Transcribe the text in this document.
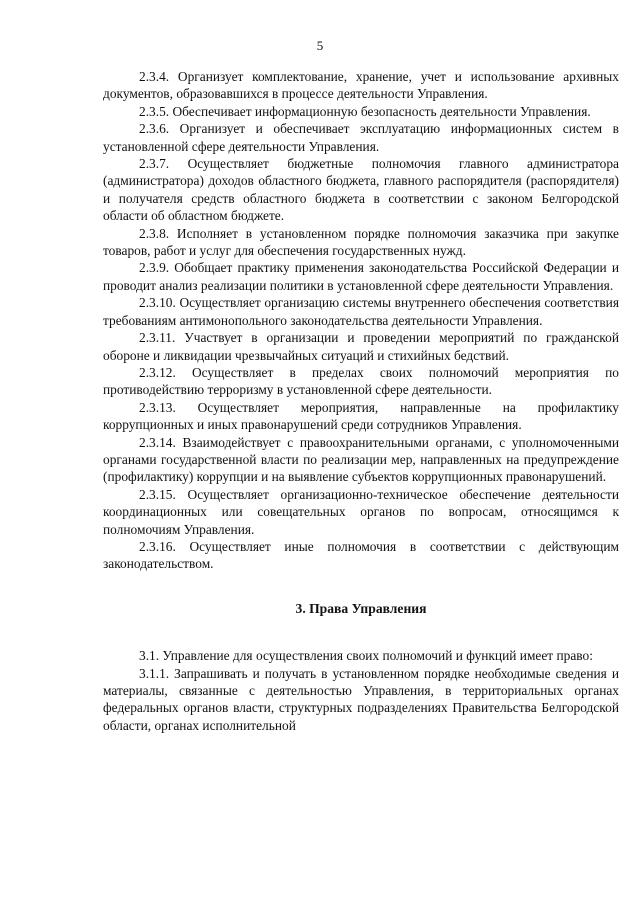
5

2.3.4. Организует комплектование, хранение, учет и использование архивных документов, образовавшихся в процессе деятельности Управления.

2.3.5. Обеспечивает информационную безопасность деятельности Управления.

2.3.6. Организует и обеспечивает эксплуатацию информационных систем в установленной сфере деятельности Управления.

2.3.7. Осуществляет бюджетные полномочия главного администратора (администратора) доходов областного бюджета, главного распорядителя (распорядителя) и получателя средств областного бюджета в соответствии с законом Белгородской области об областном бюджете.

2.3.8. Исполняет в установленном порядке полномочия заказчика при закупке товаров, работ и услуг для обеспечения государственных нужд.

2.3.9. Обобщает практику применения законодательства Российской Федерации и проводит анализ реализации политики в установленной сфере деятельности Управления.

2.3.10. Осуществляет организацию системы внутреннего обеспечения соответствия требованиям антимонопольного законодательства деятельности Управления.

2.3.11. Участвует в организации и проведении мероприятий по гражданской обороне и ликвидации чрезвычайных ситуаций и стихийных бедствий.

2.3.12. Осуществляет в пределах своих полномочий мероприятия по противодействию терроризму в установленной сфере деятельности.

2.3.13. Осуществляет мероприятия, направленные на профилактику коррупционных и иных правонарушений среди сотрудников Управления.

2.3.14. Взаимодействует с правоохранительными органами, с уполномоченными органами государственной власти по реализации мер, направленных на предупреждение (профилактику) коррупции и на выявление субъектов коррупционных правонарушений.

2.3.15. Осуществляет организационно-техническое обеспечение деятельности координационных или совещательных органов по вопросам, относящимся к полномочиям Управления.

2.3.16. Осуществляет иные полномочия в соответствии с действующим законодательством.

3. Права Управления

3.1. Управление для осуществления своих полномочий и функций имеет право:

3.1.1. Запрашивать и получать в установленном порядке необходимые сведения и материалы, связанные с деятельностью Управления, в территориальных органах федеральных органов власти, структурных подразделениях Правительства Белгородской области, органах исполнительной
